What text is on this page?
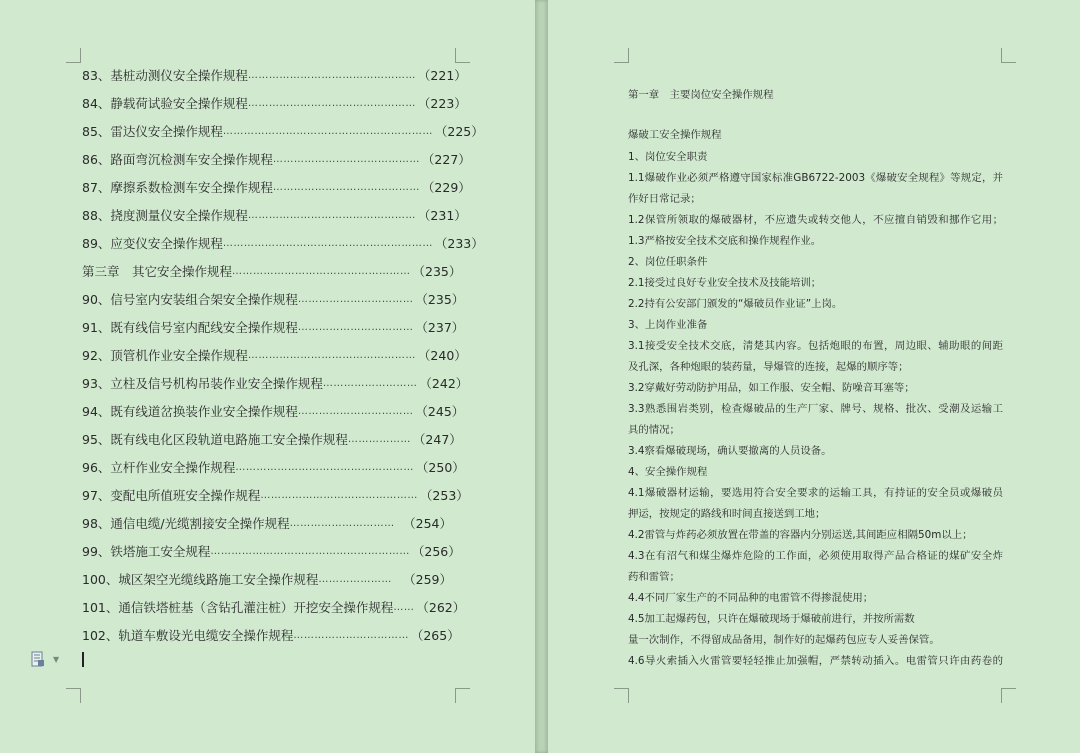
83、基桩动测仪安全操作规程 ………………………………………… （221）
84、静载荷试验安全操作规程 ………………………………………… （223）
85、雷达仪安全操作规程 …………………………………………………… （225）
86、路面弯沉检测车安全操作规程 …………………………………… （227）
87、摩擦系数检测车安全操作规程 …………………………………… （229）
88、挠度测量仪安全操作规程 ………………………………………… （231）
89、应变仪安全操作规程 …………………………………………………… （233）
第三章　其它安全操作规程 …………………………………………… （235）
90、信号室内安装组合架安全操作规程 …………………………… （235）
91、既有线信号室内配线安全操作规程 …………………………… （237）
92、顶管机作业安全操作规程 ………………………………………… （240）
93、立柱及信号机构吊装作业安全操作规程 ……………………… （242）
94、既有线道岔换装作业安全操作规程 …………………………… （245）
95、既有线电化区段轨道电路施工安全操作规程 ……………… （247）
96、立杆作业安全操作规程 …………………………………………… （250）
97、变配电所值班安全操作规程 ……………………………………… （253）
98、通信电缆/光缆割接安全操作规程 ………………………… （254）
99、铁塔施工安全规程 ………………………………………………… （256）
100、城区架空光缆线路施工安全操作规程 ………………… （259）
101、通信铁塔桩基（含钻孔灌注桩）开挖安全操作规程 …… （262）
102、轨道车敷设光电缆安全操作规程 …………………………… （265）
▼
第一章　主要岗位安全操作规程
爆破工安全操作规程
1、岗位安全职责
1.1爆破作业必须严格遵守国家标准GB6722-2003《爆破安全规程》等规定，并
作好日常记录；
1.2保管所领取的爆破器材，不应遗失或转交他人，不应擅自销毁和挪作它用；
1.3严格按安全技术交底和操作规程作业。
2、岗位任职条件
2.1接受过良好专业安全技术及技能培训；
2.2持有公安部门颁发的“爆破员作业证”上岗。
3、上岗作业准备
3.1接受安全技术交底，清楚其内容。包括炮眼的布置，周边眼、辅助眼的间距
及孔深，各种炮眼的装药量，导爆管的连接，起爆的顺序等；
3.2穿戴好劳动防护用品，如工作服、安全帽、防噪音耳塞等；
3.3熟悉围岩类别，检查爆破品的生产厂家、牌号、规格、批次、受潮及运输工
具的情况；
3.4察看爆破现场，确认要撤离的人员设备。
4、安全操作规程
4.1爆破器材运输，要选用符合安全要求的运输工具，有持证的安全员或爆破员
押运，按规定的路线和时间直接送到工地；
4.2雷管与炸药必须放置在带盖的容器内分别运送,其间距应相隔50m以上；
4.3在有沼气和煤尘爆炸危险的工作面，必须使用取得产品合格证的煤矿安全炸
药和雷管；
4.4不同厂家生产的不同品种的电雷管不得掺混使用；
4.5加工起爆药包，只许在爆破现场于爆破前进行，并按所需数
量一次制作，不得留成品备用，制作好的起爆药包应专人妥善保管。
4.6导火索插入火雷管要轻轻推止加强帽，严禁转动插入。电雷管只许由药卷的
